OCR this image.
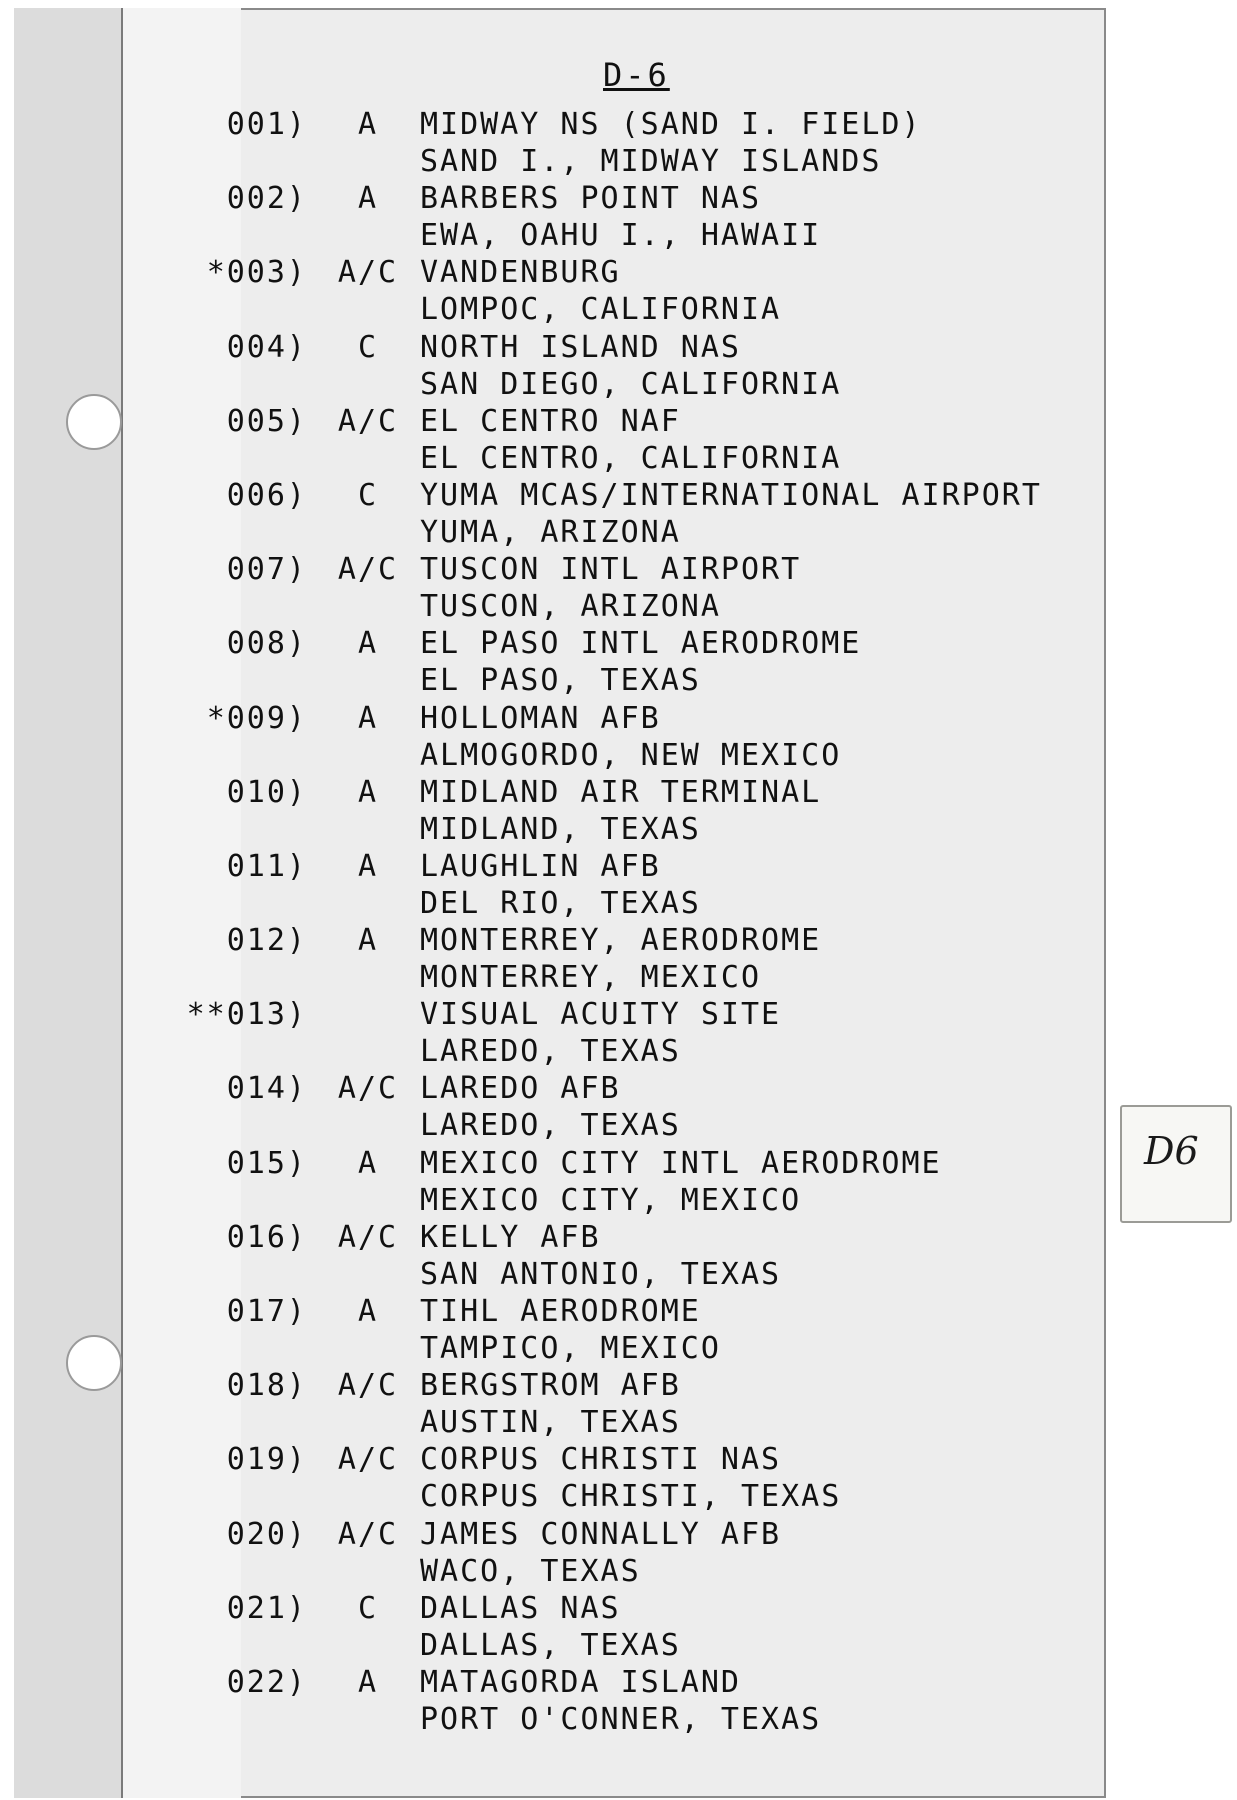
D6
D-6
001)	A	MIDWAY NS (SAND I. FIELD)
SAND I., MIDWAY ISLANDS
002)	A	BARBERS POINT NAS
EWA, OAHU I., HAWAII
*003)	A/C VANDENBURG
LOMPOC, CALIFORNIA
004)	C	NORTH ISLAND NAS
SAN DIEGO, CALIFORNIA
005)	A/C EL CENTRO NAF
EL CENTRO, CALIFORNIA
006)	C	YUMA MCAS/INTERNATIONAL AIRPORT
YUMA, ARIZONA
007)	A/C TUSCON INTL AIRPORT
TUSCON, ARIZONA
008)	A	EL PASO INTL AERODROME
EL PASO, TEXAS
*009)	A	HOLLOMAN AFB
ALMOGORDO, NEW MEXICO
010)	A	MIDLAND AIR TERMINAL
MIDLAND, TEXAS
011)	A	LAUGHLIN AFB
DEL RIO, TEXAS
012)	A	MONTERREY, AERODROME
MONTERREY, MEXICO
**013)	VISUAL ACUITY SITE
LAREDO, TEXAS
014)	A/C LAREDO AFB
LAREDO, TEXAS
015)	A	MEXICO CITY INTL AERODROME
MEXICO CITY, MEXICO
016)	A/C KELLY AFB
SAN ANTONIO, TEXAS
017)	A	TIHL AERODROME
TAMPICO, MEXICO
018)	A/C BERGSTROM AFB
AUSTIN, TEXAS
019)	A/C CORPUS CHRISTI NAS
CORPUS CHRISTI, TEXAS
020)	A/C JAMES CONNALLY AFB
WACO, TEXAS
021)	C	DALLAS NAS
DALLAS, TEXAS
022)	A	MATAGORDA ISLAND
PORT O'CONNER, TEXAS
